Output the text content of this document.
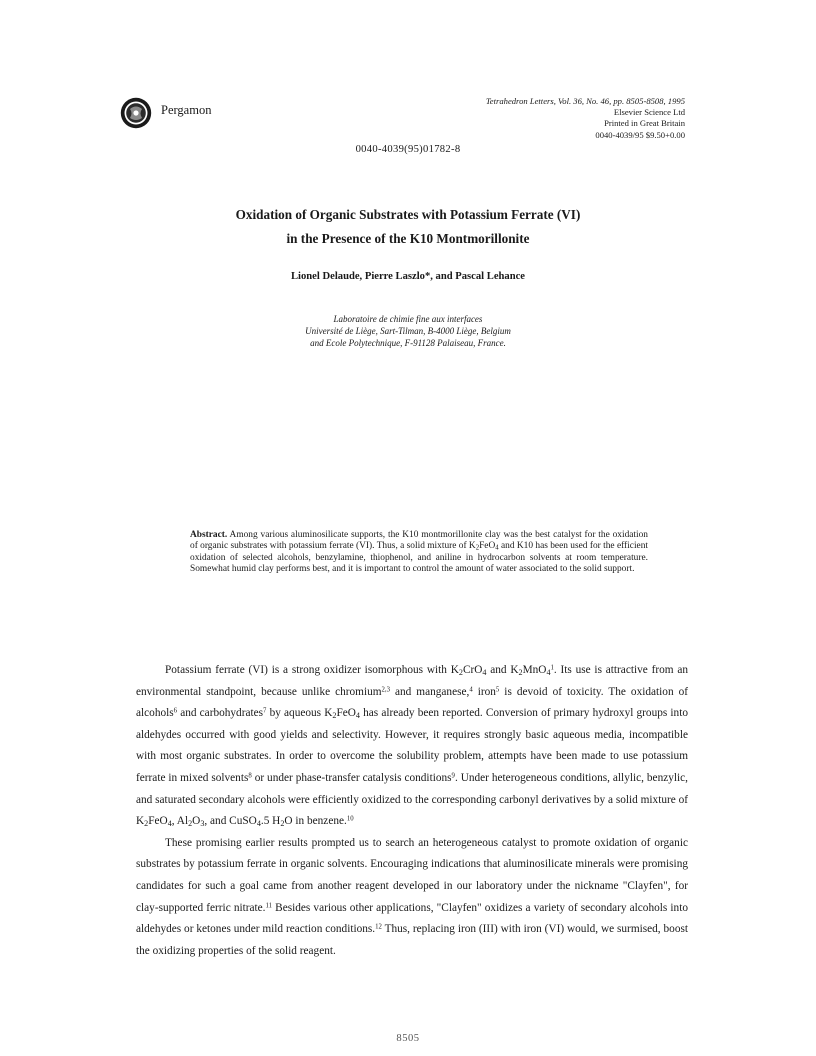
Pergamon
Tetrahedron Letters, Vol. 36, No. 46, pp. 8505-8508, 1995
Elsevier Science Ltd
Printed in Great Britain
0040-4039/95 $9.50+0.00
0040-4039(95)01782-8
Oxidation of Organic Substrates with Potassium Ferrate (VI)
in the Presence of the K10 Montmorillonite
Lionel Delaude, Pierre Laszlo*, and Pascal Lehance
Laboratoire de chimie fine aux interfaces
Université de Liège, Sart-Tilman, B-4000 Liège, Belgium
and Ecole Polytechnique, F-91128 Palaiseau, France.
Abstract. Among various aluminosilicate supports, the K10 montmorillonite clay was the best catalyst for the oxidation of organic substrates with potassium ferrate (VI). Thus, a solid mixture of $K_2FeO_4$ and K10 has been used for the efficient oxidation of selected alcohols, benzylamine, thiophenol, and aniline in hydrocarbon solvents at room temperature. Somewhat humid clay performs best, and it is important to control the amount of water associated to the solid support.

Potassium ferrate (VI) is a strong oxidizer isomorphous with $K_2CrO_4$ and $K_2MnO_4^1$. Its use is attractive from an environmental standpoint, because unlike chromium$^{2,3}$ and manganese,$^4$ iron$^5$ is devoid of toxicity. The oxidation of alcohols$^6$ and carbohydrates$^7$ by aqueous $K_2FeO_4$ has already been reported. Conversion of primary hydroxyl groups into aldehydes occurred with good yields and selectivity. However, it requires strongly basic aqueous media, incompatible with most organic substrates. In order to overcome the solubility problem, attempts have been made to use potassium ferrate in mixed solvents$^8$ or under phase-transfer catalysis conditions$^9$. Under heterogeneous conditions, allylic, benzylic, and saturated secondary alcohols were efficiently oxidized to the corresponding carbonyl derivatives by a solid mixture of $K_2FeO_4$, $Al_2O_3$, and CuSO$_4$.5 $H_2O$ in benzene.$^{10}$

These promising earlier results prompted us to search an heterogeneous catalyst to promote oxidation of organic substrates by potassium ferrate in organic solvents. Encouraging indications that aluminosilicate minerals were promising candidates for such a goal came from another reagent developed in our laboratory under the nickname "Clayfen", for clay-supported ferric nitrate.$^{11}$ Besides various other applications, "Clayfen" oxidizes a variety of secondary alcohols into aldehydes or ketones under mild reaction conditions.$^{12}$ Thus, replacing iron (III) with iron (VI) would, we surmised, boost the oxidizing properties of the solid reagent.

8505
